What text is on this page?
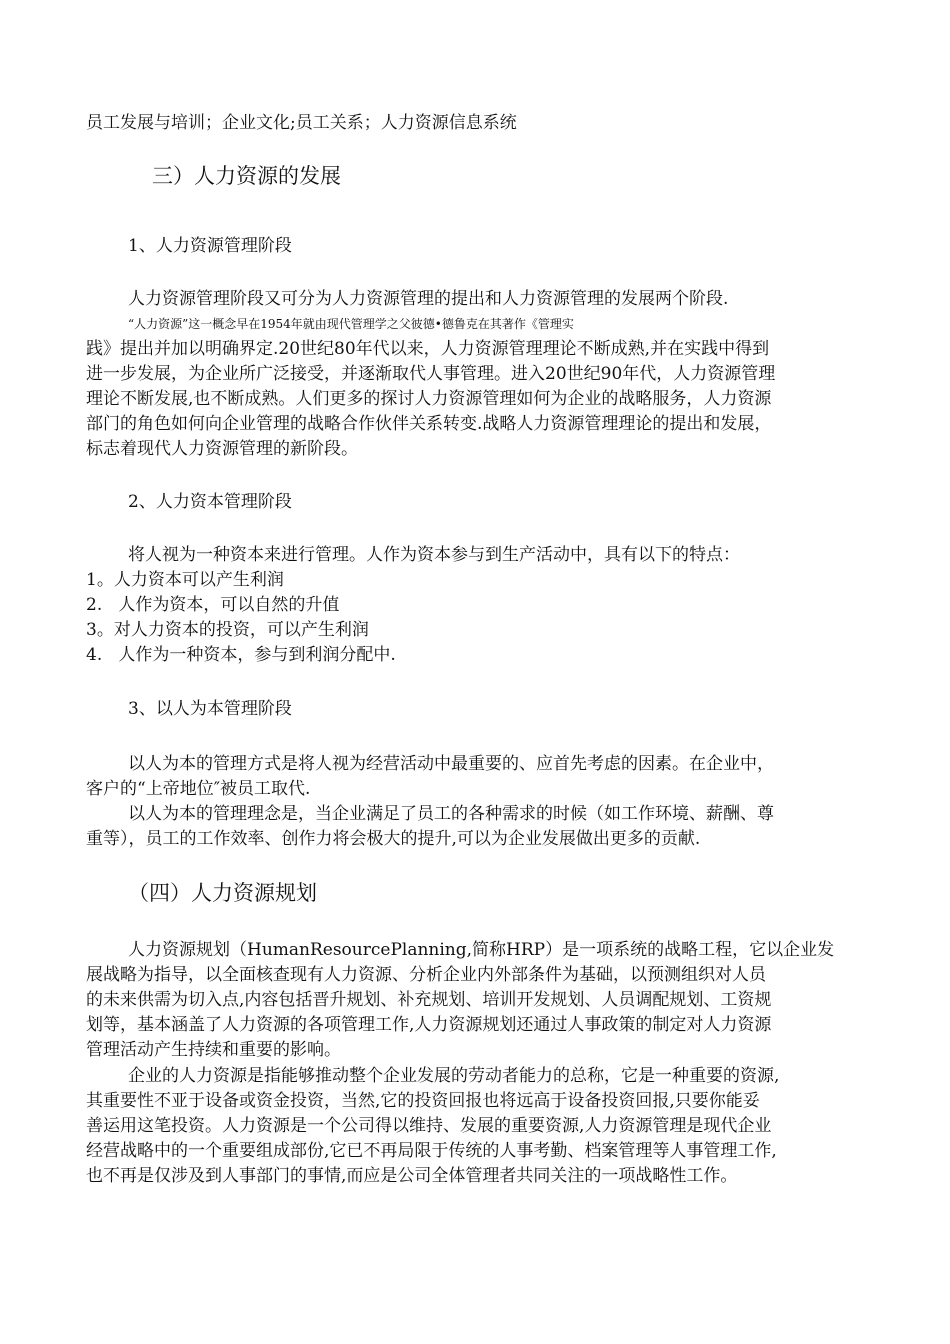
员工发展与培训；企业文化;员工关系；人力资源信息系统
三）人力资源的发展
1、人力资源管理阶段
人力资源管理阶段又可分为人力资源管理的提出和人力资源管理的发展两个阶段.
“人力资源”这一概念早在1954年就由现代管理学之父彼德•德鲁克在其著作《管理实
践》提出并加以明确界定.20世纪80年代以来，人力资源管理理论不断成熟,并在实践中得到
进一步发展，为企业所广泛接受，并逐渐取代人事管理。进入20世纪90年代，人力资源管理
理论不断发展,也不断成熟。人们更多的探讨人力资源管理如何为企业的战略服务，人力资源
部门的角色如何向企业管理的战略合作伙伴关系转变.战略人力资源管理理论的提出和发展，
标志着现代人力资源管理的新阶段。
2、人力资本管理阶段
将人视为一种资本来进行管理。人作为资本参与到生产活动中，具有以下的特点：
1。人力资本可以产生利润
2.   人作为资本，可以自然的升值
3。对人力资本的投资，可以产生利润
4.   人作为一种资本，参与到利润分配中.
3、以人为本管理阶段
以人为本的管理方式是将人视为经营活动中最重要的、应首先考虑的因素。在企业中，
客户的“上帝地位″被员工取代.
以人为本的管理理念是，当企业满足了员工的各种需求的时候（如工作环境、薪酬、尊
重等），员工的工作效率、创作力将会极大的提升,可以为企业发展做出更多的贡献.
（四）人力资源规划
人力资源规划（HumanResourcePlanning,简称HRP）是一项系统的战略工程，它以企业发
展战略为指导，以全面核查现有人力资源、分析企业内外部条件为基础，以预测组织对人员
的未来供需为切入点,内容包括晋升规划、补充规划、培训开发规划、人员调配规划、工资规
划等，基本涵盖了人力资源的各项管理工作,人力资源规划还通过人事政策的制定对人力资源
管理活动产生持续和重要的影响。
企业的人力资源是指能够推动整个企业发展的劳动者能力的总称，它是一种重要的资源,
其重要性不亚于设备或资金投资，当然,它的投资回报也将远高于设备投资回报,只要你能妥
善运用这笔投资。人力资源是一个公司得以维持、发展的重要资源,人力资源管理是现代企业
经营战略中的一个重要组成部份,它已不再局限于传统的人事考勤、档案管理等人事管理工作,
也不再是仅涉及到人事部门的事情,而应是公司全体管理者共同关注的一项战略性工作。
